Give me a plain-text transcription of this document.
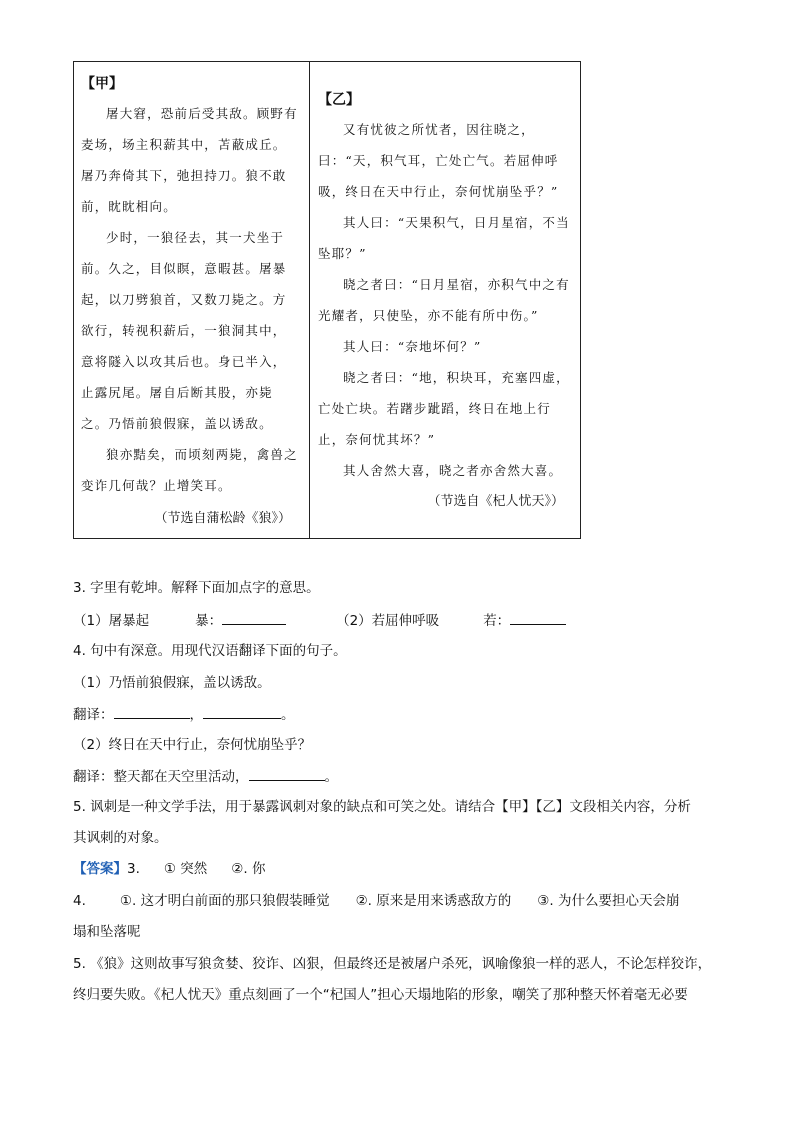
【甲】

屠大窘，恐前后受其敌。顾野有麦场，场主积薪其中，苫蔽成丘。屠乃奔倚其下，弛担持刀。狼不敢前，眈眈相向。

少时，一狼径去，其一犬坐于前。久之，目似瞑，意暇甚。屠暴起，以刀劈狼首，又数刀毙之。方欲行，转视积薪后，一狼洞其中，意将隧入以攻其后也。身已半入，止露尻尾。屠自后断其股，亦毙之。乃悟前狼假寐，盖以诱敌。

狼亦黠矣，而顷刻两毙，禽兽之变诈几何哉？止增笑耳。

（节选自蒲松龄《狼》）
【乙】

又有忧彼之所忧者，因往晓之，曰：“天，积气耳，亡处亡气。若屈伸呼吸，终日在天中行止，奈何忧崩坠乎？”

其人曰：“天果积气，日月星宿，不当坠耶？”

晓之者曰：“日月星宿，亦积气中之有光耀者，只使坠，亦不能有所中伤。”

其人曰：“奈地坏何？”

晓之者曰：“地，积块耳，充塞四虚，亡处亡块。若躇步跐蹈，终日在地上行止，奈何忧其坏？”

其人舍然大喜，晓之者亦舍然大喜。

（节选自《杞人忧天》）

3. 字里有乾坤。解释下面加点字的意思。

（1）屠暴起	暴：	（2）若屈伸呼吸	若：

4. 句中有深意。用现代汉语翻译下面的句子。

（1）乃悟前狼假寐，盖以诱敌。

翻译：	，	。

（2）终日在天中行止，奈何忧崩坠乎？

翻译：整天都在天空里活动，	。

5. 讽刺是一种文学手法，用于暴露讽刺对象的缺点和可笑之处。请结合【甲】【乙】文段相关内容，分析

其讽刺的对象。

【答案】3. ① 突然 ②. 你

4.	①. 这才明白前面的那只狼假装睡觉 ②. 原来是用来诱惑敌方的 ③. 为什么要担心天会崩

塌和坠落呢

5. 《狼》这则故事写狼贪婪、狡诈、凶狠，但最终还是被屠户杀死，讽喻像狼一样的恶人，不论怎样狡诈，

终归要失败。《杞人忧天》重点刻画了一个“杞国人”担心天塌地陷的形象，嘲笑了那种整天怀着毫无必要
